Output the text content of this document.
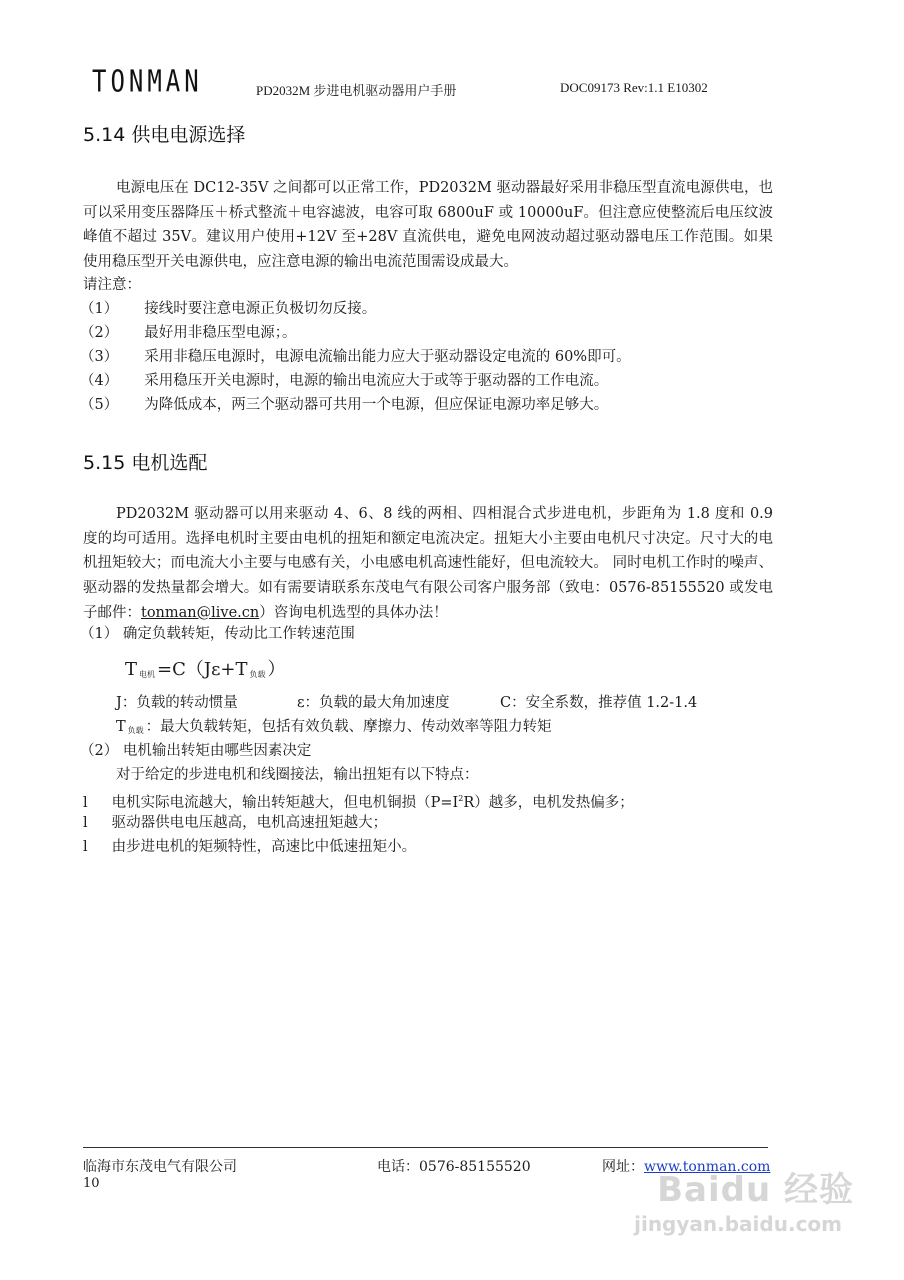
TONMAN	PD2032M 步进电机驱动器用户手册	DOC09173 Rev:1.1 E10302
5.14 供电电源选择
电源电压在 DC12-35V 之间都可以正常工作，PD2032M 驱动器最好采用非稳压型直流电源供电，也可以采用变压器降压＋桥式整流＋电容滤波，电容可取 6800uF 或 10000uF。但注意应使整流后电压纹波峰值不超过 35V。建议用户使用+12V 至+28V 直流供电，避免电网波动超过驱动器电压工作范围。如果使用稳压型开关电源供电，应注意电源的输出电流范围需设成最大。
请注意：
（1） 接线时要注意电源正负极切勿反接。
（2） 最好用非稳压型电源；。
（3） 采用非稳压电源时，电源电流输出能力应大于驱动器设定电流的 60%即可。
（4） 采用稳压开关电源时，电源的输出电流应大于或等于驱动器的工作电流。
（5） 为降低成本，两三个驱动器可共用一个电源，但应保证电源功率足够大。
5.15 电机选配
PD2032M 驱动器可以用来驱动 4、6、8 线的两相、四相混合式步进电机，步距角为 1.8 度和 0.9 度的均可适用。选择电机时主要由电机的扭矩和额定电流决定。扭矩大小主要由电机尺寸决定。尺寸大的电机扭矩较大；而电流大小主要与电感有关，小电感电机高速性能好，但电流较大。 同时电机工作时的噪声、驱动器的发热量都会增大。如有需要请联系东茂电气有限公司客户服务部（致电：0576-85155520 或发电子邮件：tonman@live.cn）咨询电机选型的具体办法！
（1） 确定负载转矩，传动比工作转速范围
T $_{电机}$ =C（Jε+T $_{负载}$ ）
J：负载的转动惯量	ε：负载的最大角加速度	C：安全系数，推荐值 1.2-1.4
T $_{负载}$ ：最大负载转矩，包括有效负载、摩擦力、传动效率等阻力转矩
（2） 电机输出转矩由哪些因素决定
对于给定的步进电机和线圈接法，输出扭矩有以下特点：
l 电机实际电流越大，输出转矩越大，但电机铜损$(P=I^2R)$越多，电机发热偏多；
l 驱动器供电电压越高，电机高速扭矩越大；
l 由步进电机的矩频特性，高速比中低速扭矩小。
临海市东茂电气有限公司	电话：0576-85155520	网址：www.tonman.com
10	Baidu 经验
jingyan.baidu.com
